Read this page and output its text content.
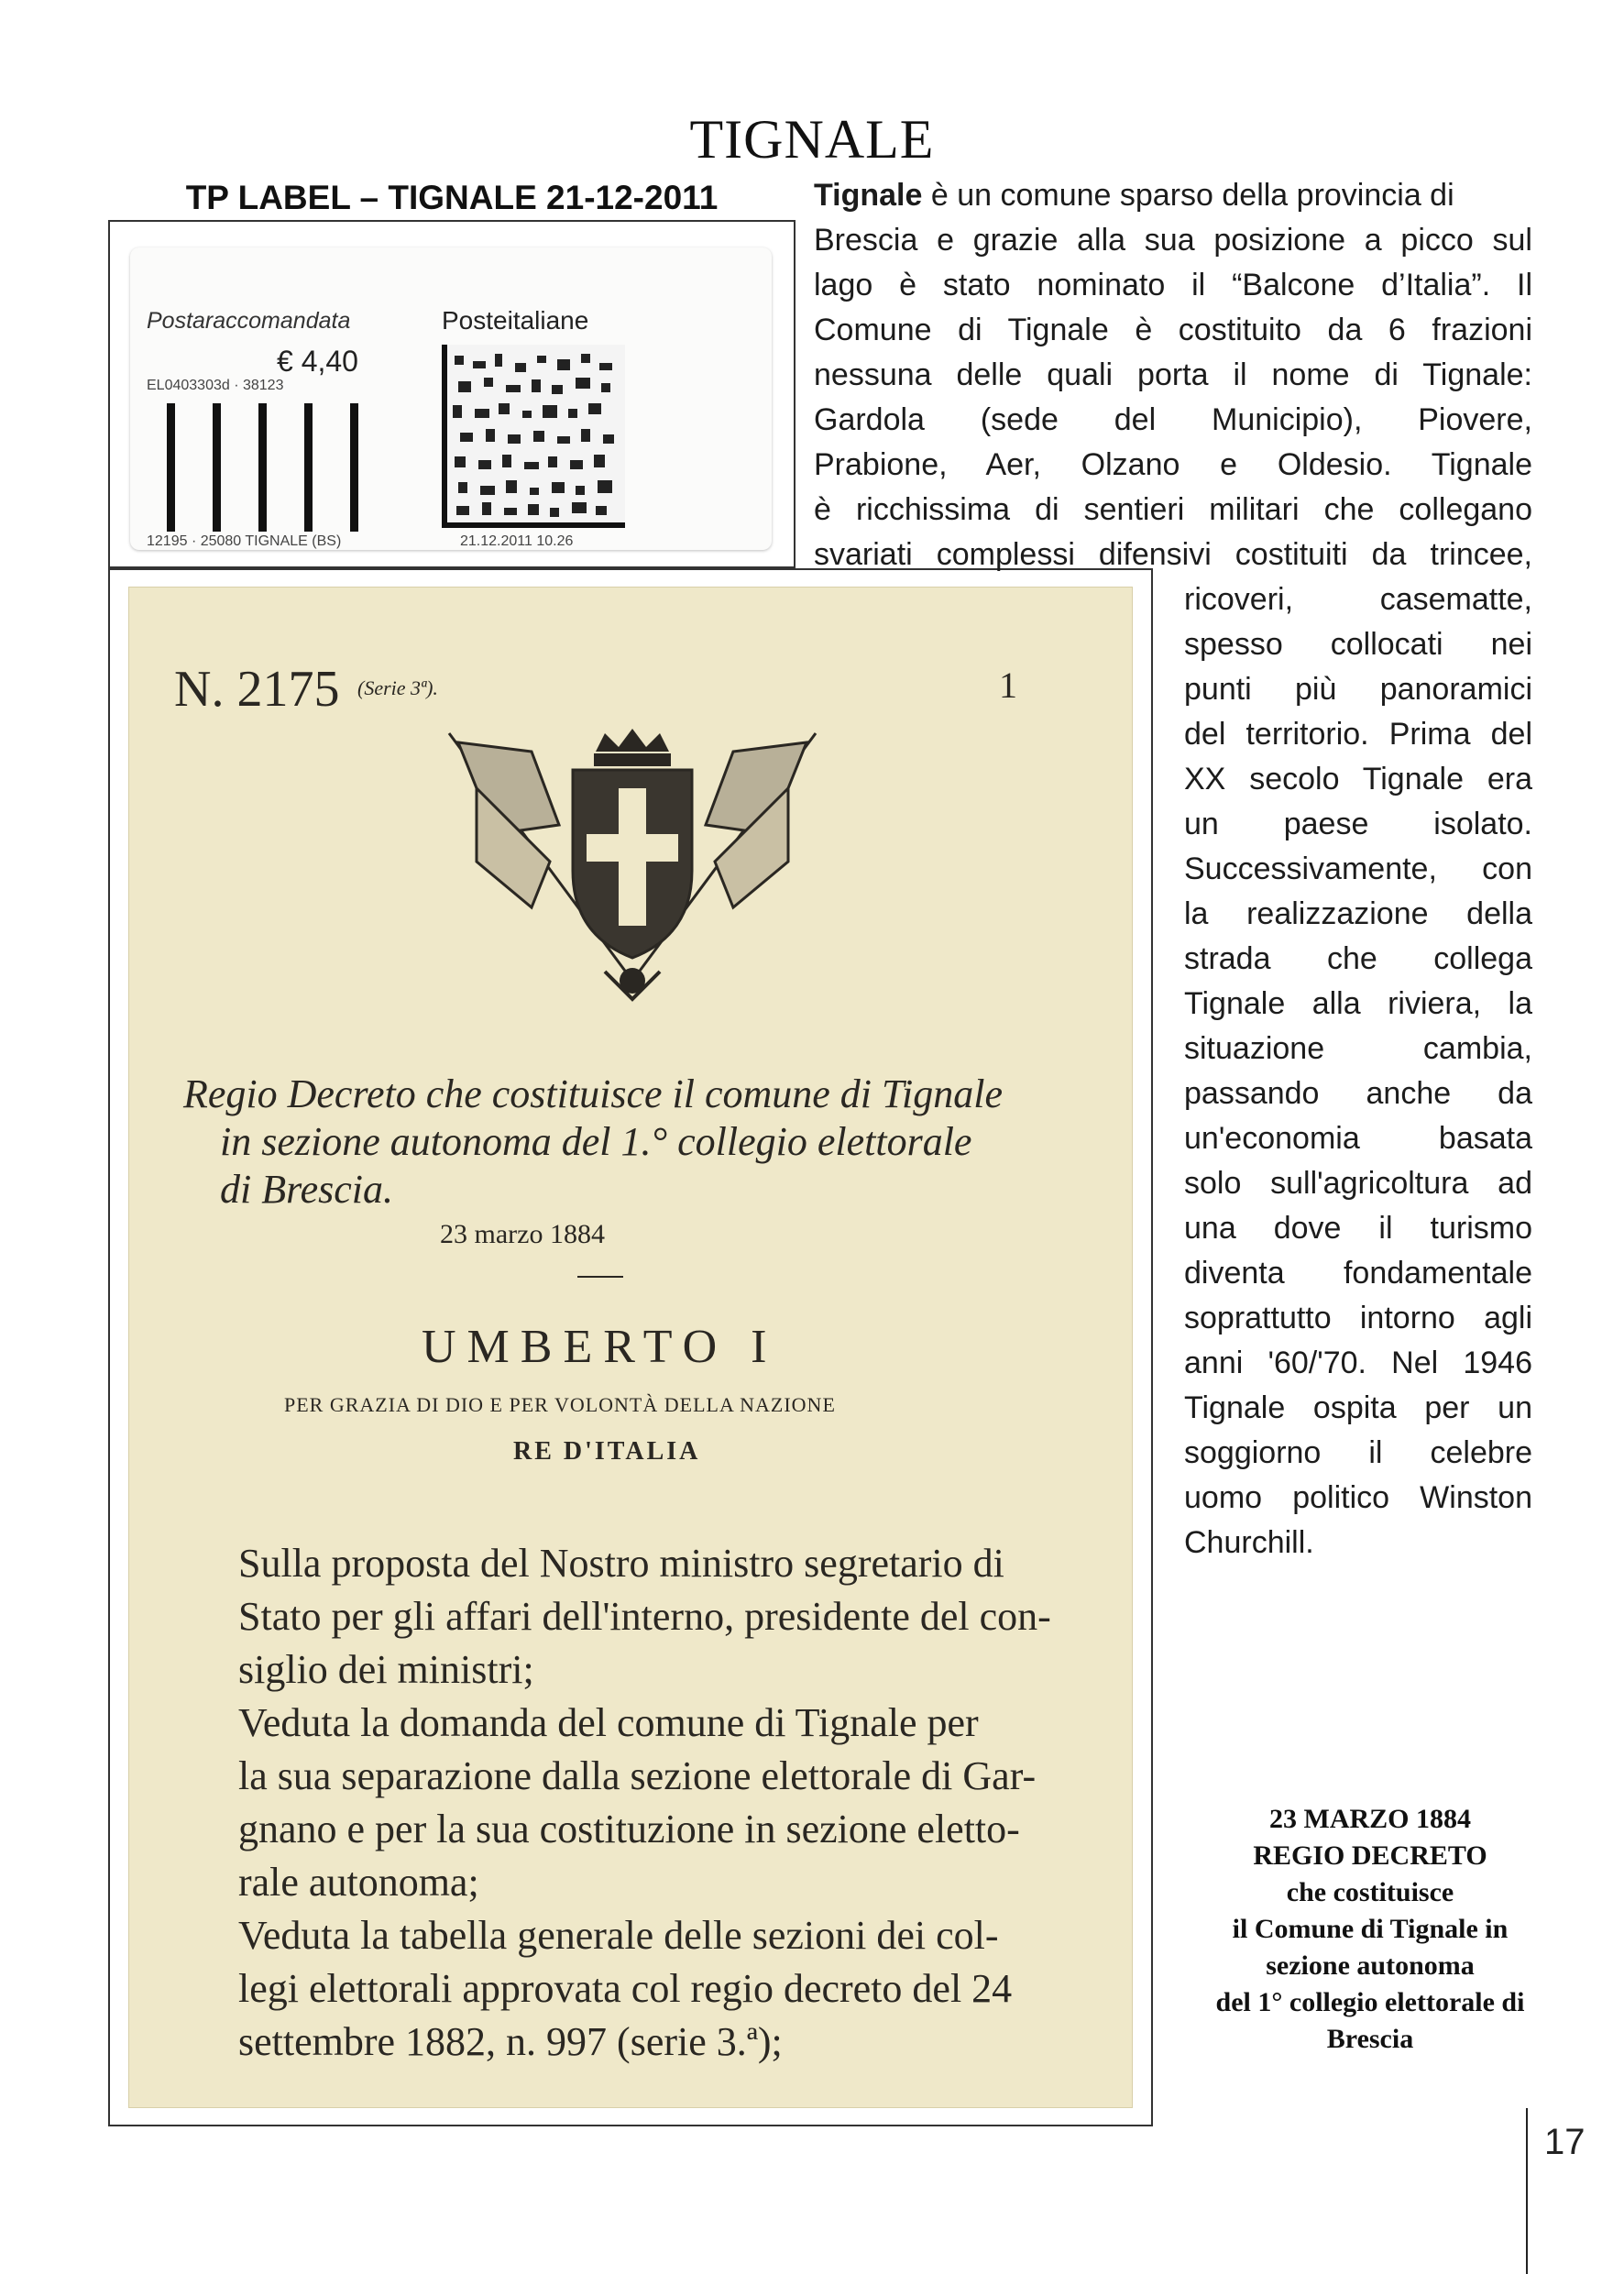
TIGNALE
TP LABEL – TIGNALE 21-12-2011
Postaraccomandata	Posteitaliane
€ 4,40
EL0403303d · 38123
12195 · 25080 TIGNALE (BS)	21.12.2011 10.26
N. 2175 (Serie 3ª).	1
Regio Decreto che costituisce il comune di Tignale
in sezione autonoma del 1.° collegio elettorale
di Brescia.
23 marzo 1884
UMBERTO I
PER GRAZIA DI DIO E PER VOLONTÀ DELLA NAZIONE
RE D'ITALIA
Sulla proposta del Nostro ministro segretario di
Stato per gli affari dell'interno, presidente del con-
siglio dei ministri;
Veduta la domanda del comune di Tignale per
la sua separazione dalla sezione elettorale di Gar-
gnano e per la sua costituzione in sezione eletto-
rale autonoma;
Veduta la tabella generale delle sezioni dei col-
legi elettorali approvata col regio decreto del 24
settembre 1882, n. 997 (serie 3.ª);
Tignale è un comune sparso della provincia di
Brescia e grazie alla sua posizione a picco sul
lago è stato nominato il “Balcone d’Italia”. Il
Comune di Tignale è costituito da 6 frazioni
nessuna delle quali porta il nome di Tignale:
Gardola (sede del Municipio), Piovere,
Prabione, Aer, Olzano e Oldesio. Tignale
è ricchissima di sentieri militari che collegano
svariati complessi difensivi costituiti da trincee,
ricoveri, casematte,
spesso collocati nei
punti più panoramici
del territorio. Prima del
XX secolo Tignale era
un paese isolato.
Successivamente, con
la realizzazione della
strada che collega
Tignale alla riviera, la
situazione cambia,
passando anche da
un'economia basata
solo sull'agricoltura ad
una dove il turismo
diventa fondamentale
soprattutto intorno agli
anni '60/'70. Nel 1946
Tignale ospita per un
soggiorno il celebre
uomo politico Winston
Churchill.
23 MARZO 1884
REGIO DECRETO
che costituisce
il Comune di Tignale in
sezione autonoma
del 1° collegio elettorale di
Brescia
17
